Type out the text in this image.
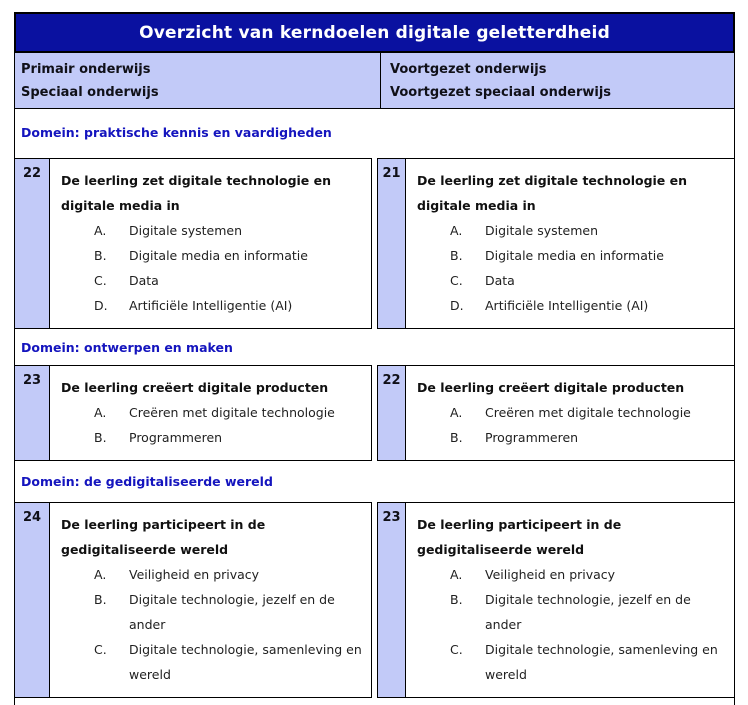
Overzicht van kerndoelen digitale geletterdheid
Primair onderwijs
Speciaal onderwijs
Voortgezet onderwijs
Voortgezet speciaal onderwijs
Domein: praktische kennis en vaardigheden
22	De leerling zet digitale technologie en digitale media in
A.	Digitale systemen
B.	Digitale media en informatie
C.	Data
D.	Artificiële Intelligentie (AI)
21	De leerling zet digitale technologie en digitale media in
A.	Digitale systemen
B.	Digitale media en informatie
C.	Data
D.	Artificiële Intelligentie (AI)
Domein: ontwerpen en maken
23	De leerling creëert digitale producten
A.	Creëren met digitale technologie
B.	Programmeren
22	De leerling creëert digitale producten
A.	Creëren met digitale technologie
B.	Programmeren
Domein: de gedigitaliseerde wereld
24	De leerling participeert in de gedigitaliseerde wereld
A.	Veiligheid en privacy
B.	Digitale technologie, jezelf en de ander
C.	Digitale technologie, samenleving en wereld
23	De leerling participeert in de gedigitaliseerde wereld
A.	Veiligheid en privacy
B.	Digitale technologie, jezelf en de ander
C.	Digitale technologie, samenleving en wereld
